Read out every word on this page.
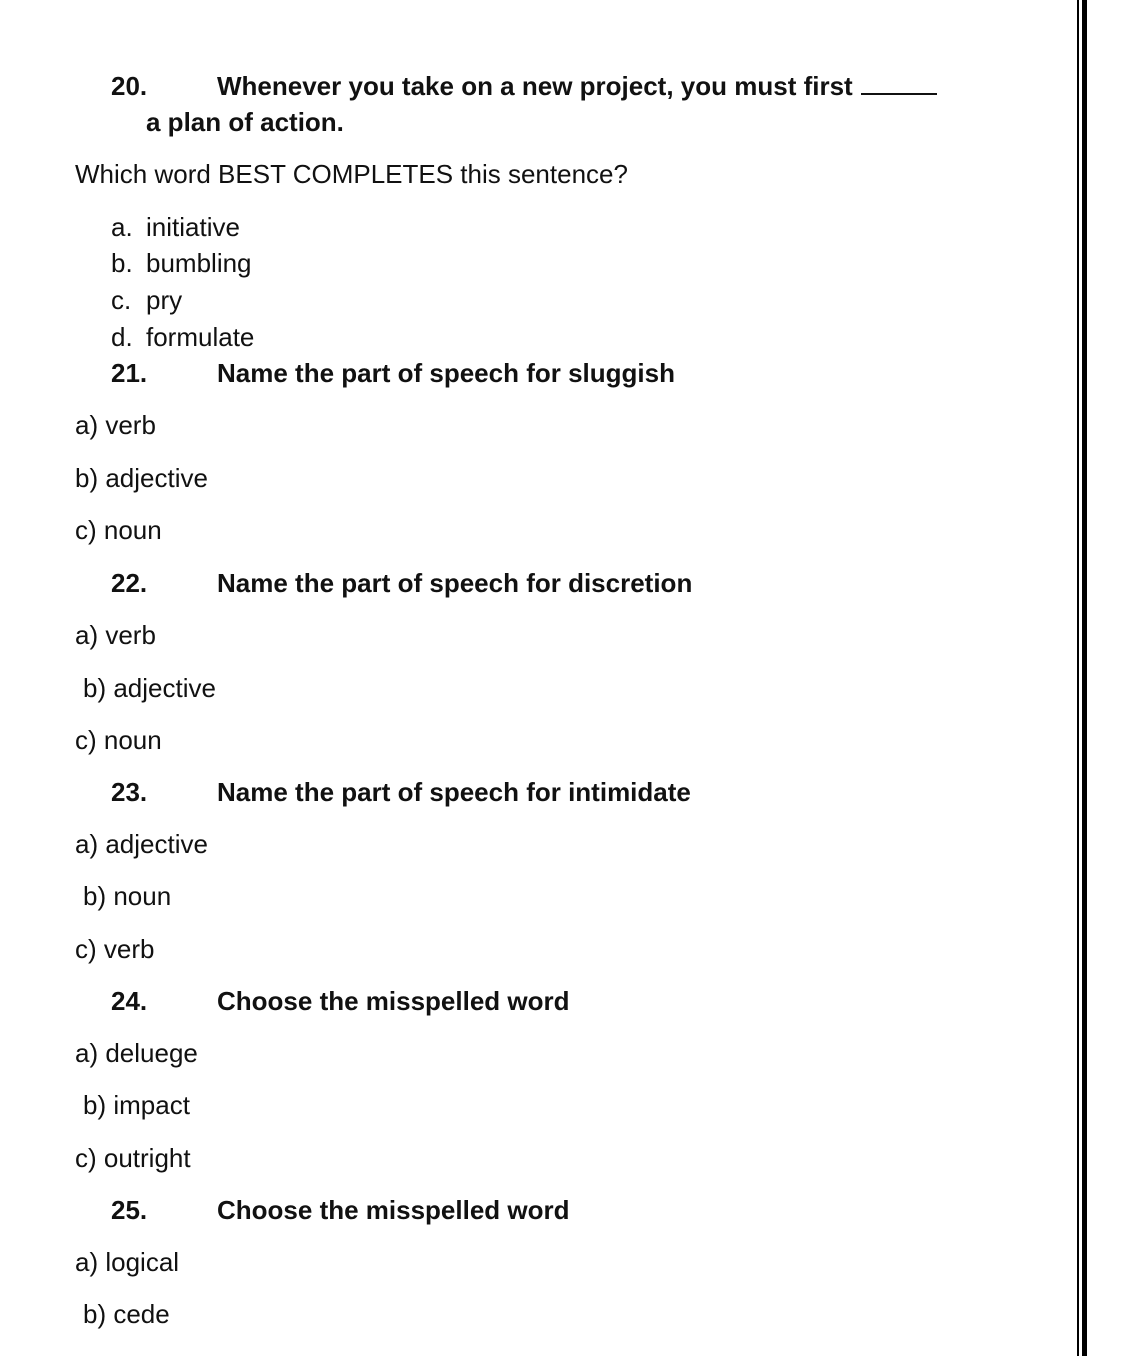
20.	Whenever you take on a new project, you must first
a plan of action.
Which word BEST COMPLETES this sentence?
a. initiative
b. bumbling
c. pry
d. formulate
21.	Name the part of speech for sluggish
a) verb
b) adjective
c) noun
22.	Name the part of speech for discretion
a) verb
b) adjective
c) noun
23.	Name the part of speech for intimidate
a) adjective
b) noun
c) verb
24.	Choose the misspelled word
a) deluege
b) impact
c) outright
25.	Choose the misspelled word
a) logical
b) cede
